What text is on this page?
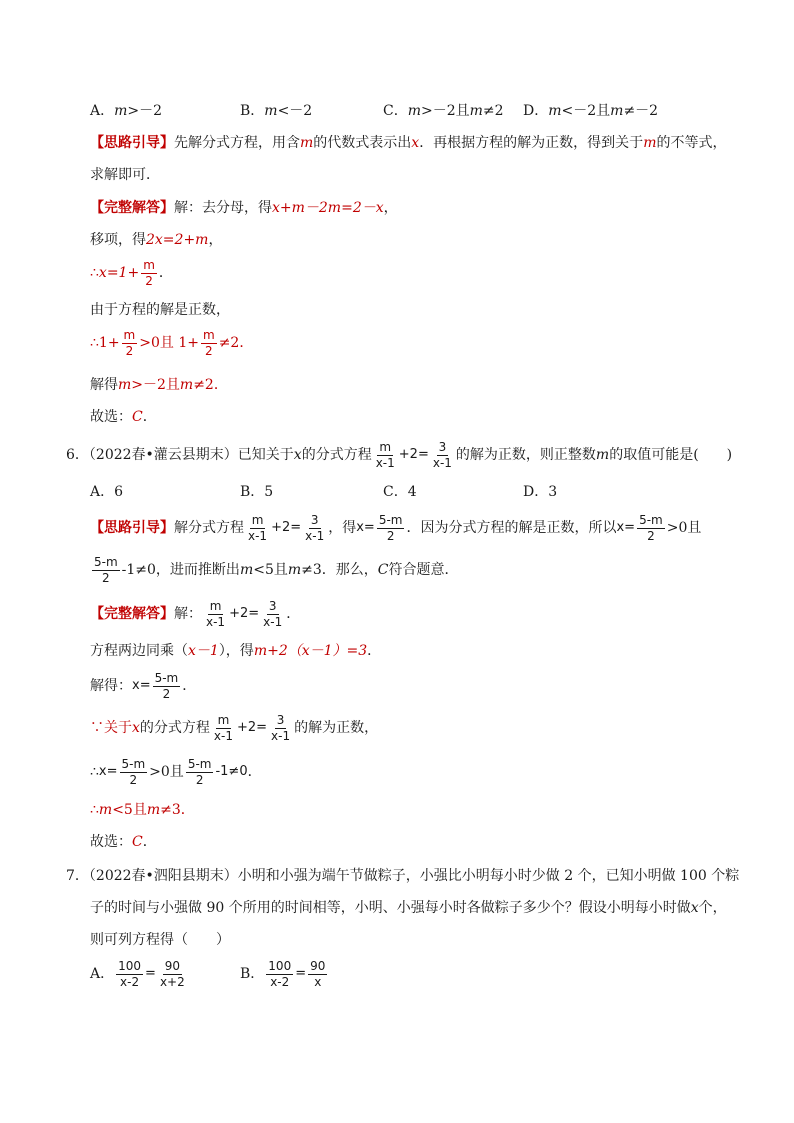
A． m >－2	B． m <－2	C． m >－2且 m ≠2 D． m <－2且 m ≠－2
【思路引导】 先解分式方程，用含 m 的代数式表示出 x ．再根据方程的解为正数，得到关于 m 的不等式，
求解即可．
【完整解答】 解：去分母，得 x+m－2m=2－x ，
移项，得 2x=2+m ，
∴ $x=1+ \frac{m}{2}$ ．
由于方程的解是正数，
∴1+ $\frac{m}{2} >0$且 $1+ \frac{m}{2} \ne 2$．
解得 m >－2且 m ≠2．
故选： C ．
6．（2022春•灌云县期末）已知关于 x 的分式方程 $\frac{m}{x-1} +2= \frac{3}{x-1}$ 的解为正数，则正整数 m 的取值可能是(　　)
A．6	B．5	C．4	D．3
【思路引导】 解分式方程 $\frac{m}{x-1} +2= \frac{3}{x-1}$ ，得 $x= \frac{5-m}{2}$ ．因为分式方程的解是正数，所以 $x= \frac{5-m}{2} >0$且
$\frac{5-m}{2} -1\ne 0$，进而推断出 m <5且 m ≠3．那么， C 符合题意．
【完整解答】 解： $\frac{m}{x-1} +2= \frac{3}{x-1}$ ．
方程两边同乘（ x－1 ），得 m+2（x－1）=3 ．
解得： $x= \frac{5-m}{2}$ ．
∵关于 x 的分式方程 $\frac{m}{x-1} +2= \frac{3}{x-1}$ 的解为正数，
∴ $x= \frac{5-m}{2} >0$且 $\frac{5-m}{2} -1\ne 0$ ．
∴ m <5且 m ≠3．
故选： C ．
7．（2022春•泗阳县期末）小明和小强为端午节做粽子，小强比小明每小时少做 2 个，已知小明做 100 个粽
子的时间与小强做 90 个所用的时间相等，小明、小强每小时各做粽子多少个？假设小明每小时做 x 个，
则可列方程得（　　）
A． $\frac{100}{x-2} = \frac{90}{x+2}$	B． $\frac{100}{x-2} = \frac{90}{x}$
